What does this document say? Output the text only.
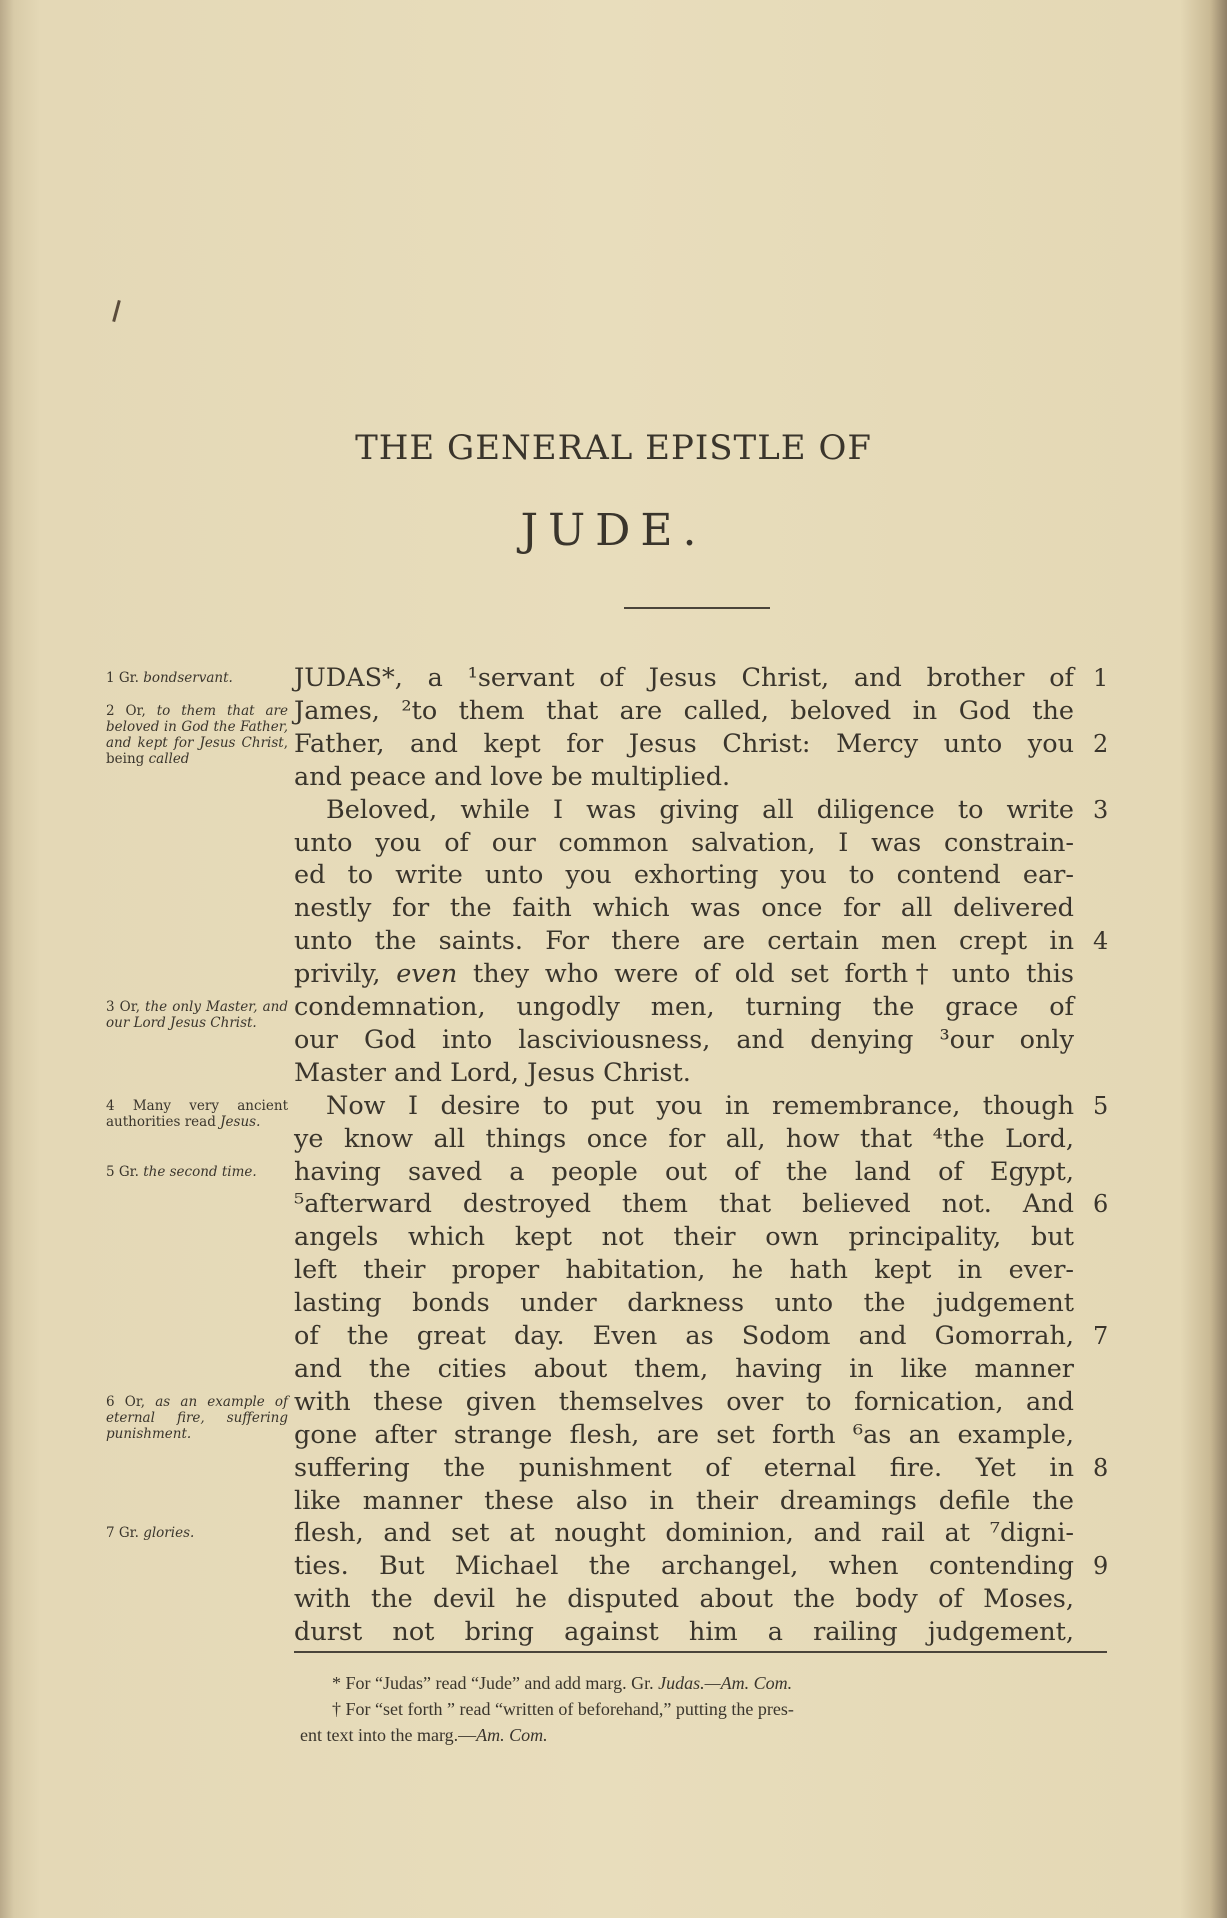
THE GENERAL EPISTLE OF
JUDE.
JUDAS*, a ¹servant of Jesus Christ, and brother of 1
James, ²to them that are called, beloved in God the
Father, and kept for Jesus Christ: Mercy unto you 2
and peace and love be multiplied.
Beloved, while I was giving all diligence to write 3
unto you of our common salvation, I was constrain-
ed to write unto you exhorting you to contend ear-
nestly for the faith which was once for all delivered
unto the saints. For there are certain men crept in 4
privily, even they who were of old set forth† unto this
condemnation, ungodly men, turning the grace of
our God into lasciviousness, and denying ³our only
Master and Lord, Jesus Christ.
Now I desire to put you in remembrance, though 5
ye know all things once for all, how that ⁴the Lord,
having saved a people out of the land of Egypt,
⁵afterward destroyed them that believed not. And 6
angels which kept not their own principality, but
left their proper habitation, he hath kept in ever-
lasting bonds under darkness unto the judgement
of the great day. Even as Sodom and Gomorrah, 7
and the cities about them, having in like manner
with these given themselves over to fornication, and
gone after strange flesh, are set forth ⁶as an example,
suffering the punishment of eternal fire. Yet in 8
like manner these also in their dreamings defile the
flesh, and set at nought dominion, and rail at ⁷digni-
ties. But Michael the archangel, when contending 9
with the devil he disputed about the body of Moses,
durst not bring against him a railing judgement,
1 Gr. bondservant.
2 Or, to them that are beloved in God the Father, and kept for Jesus Christ, being called
3 Or, the only Master, and our Lord Jesus Christ.
4 Many very ancient authorities read Jesus.
5 Gr. the second time.
6 Or, as an example of eternal fire, suffering punishment.
7 Gr. glories.
* For “Judas” read “Jude” and add marg. Gr. Judas.—Am. Com.
† For “set forth ” read “written of beforehand,” putting the pres-
ent text into the marg.—Am. Com.
